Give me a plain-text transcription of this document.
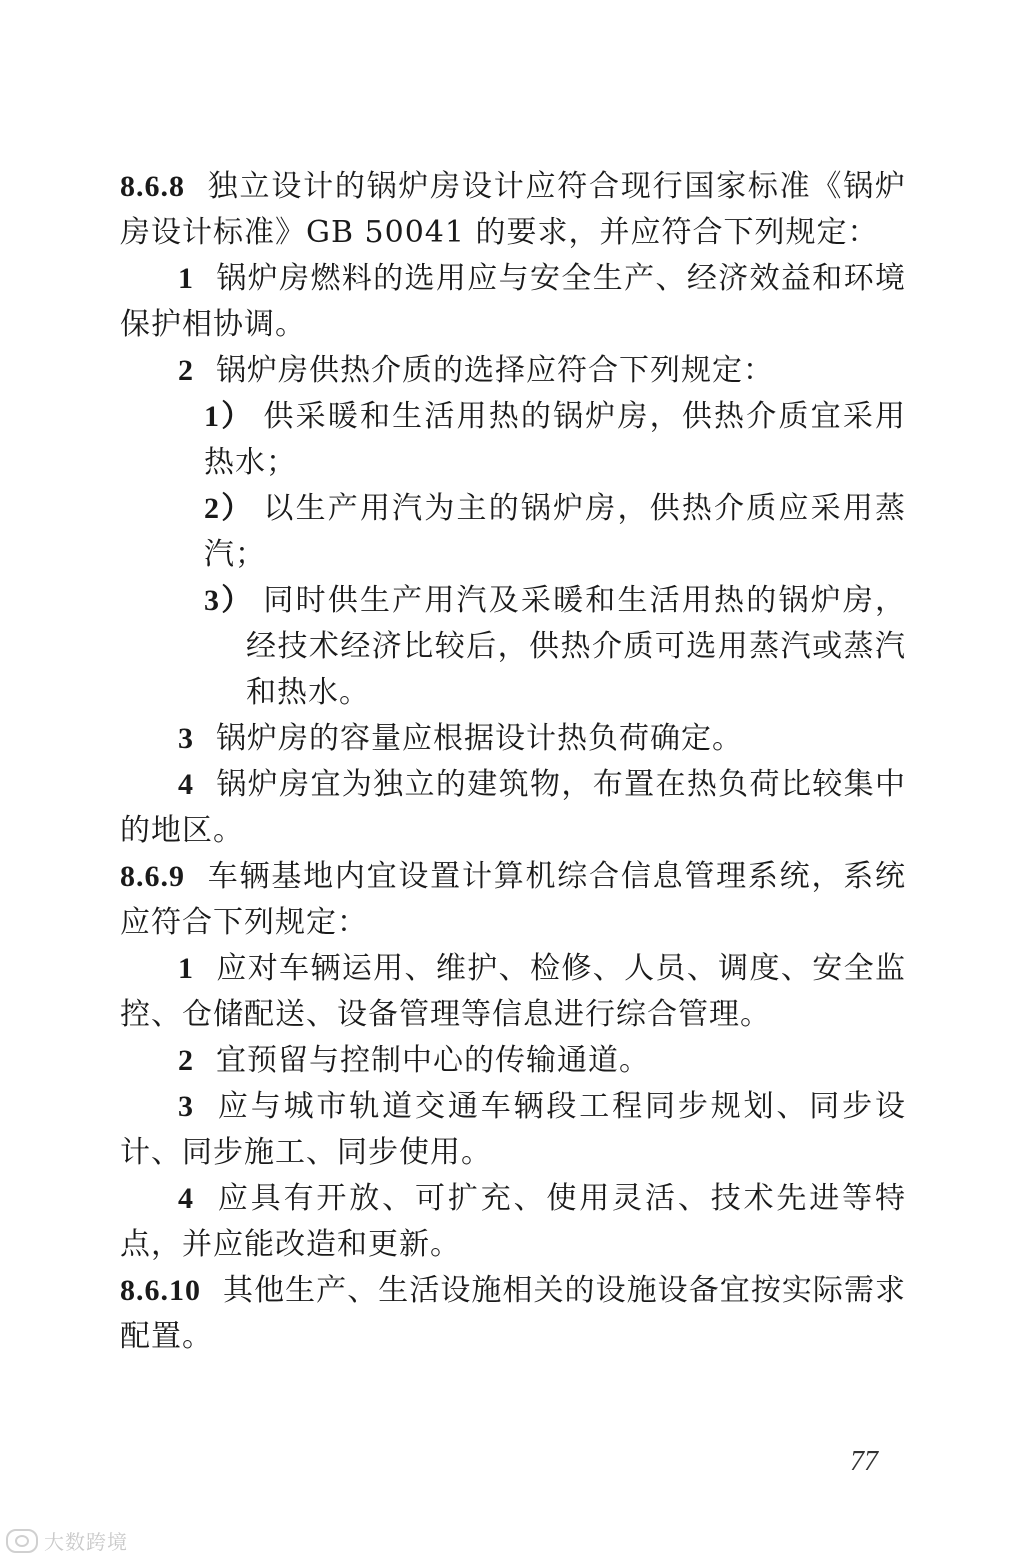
8.6.8 独立设计的锅炉房设计应符合现行国家标准《锅炉房设计标准》GB 50041 的要求，并应符合下列规定：

1 锅炉房燃料的选用应与安全生产、经济效益和环境保护相协调。

2 锅炉房供热介质的选择应符合下列规定：

1） 供采暖和生活用热的锅炉房，供热介质宜采用热水；

2） 以生产用汽为主的锅炉房，供热介质应采用蒸汽；

3） 同时供生产用汽及采暖和生活用热的锅炉房，经技术经济比较后，供热介质可选用蒸汽或蒸汽和热水。

3 锅炉房的容量应根据设计热负荷确定。

4 锅炉房宜为独立的建筑物，布置在热负荷比较集中的地区。

8.6.9 车辆基地内宜设置计算机综合信息管理系统，系统应符合下列规定：

1 应对车辆运用、维护、检修、人员、调度、安全监控、仓储配送、设备管理等信息进行综合管理。

2 宜预留与控制中心的传输通道。

3 应与城市轨道交通车辆段工程同步规划、同步设计、同步施工、同步使用。

4 应具有开放、可扩充、使用灵活、技术先进等特点，并应能改造和更新。

8.6.10 其他生产、生活设施相关的设施设备宜按实际需求配置。

77
大数跨境
